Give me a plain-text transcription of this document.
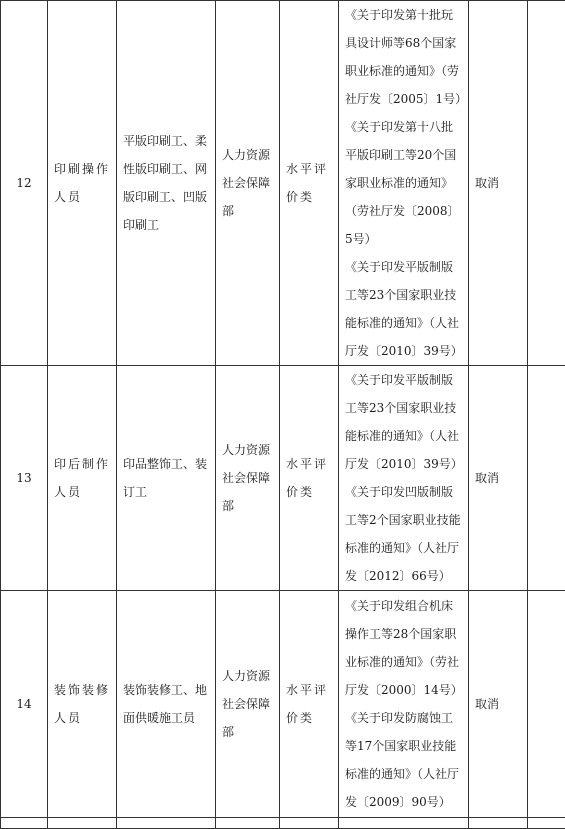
12	印刷操作人员	平版印刷工、柔性版印刷工、网版印刷工、凹版印刷工	人力资源社会保障部	水平评价类	《关于印发第十批玩具设计师等68个国家职业标准的通知》（劳社厅发〔2005〕1号）
《关于印发第十八批平版印刷工等20个国家职业标准的通知》（劳社厅发〔2008〕5号）
《关于印发平版制版工等23个国家职业技能标准的通知》（人社厅发〔2010〕39号）	取消	
13	印后制作人员	印品整饰工、装订工	人力资源社会保障部	水平评价类	《关于印发平版制版工等23个国家职业技能标准的通知》（人社厅发〔2010〕39号）
《关于印发凹版制版工等2个国家职业技能标准的通知》（人社厅发〔2012〕66号）	取消	
14	装饰装修人员	装饰装修工、地面供暖施工员	人力资源社会保障部	水平评价类	《关于印发组合机床操作工等28个国家职业标准的通知》（劳社厅发〔2000〕14号）
《关于印发防腐蚀工等17个国家职业技能标准的通知》（人社厅发〔2009〕90号）	取消	
